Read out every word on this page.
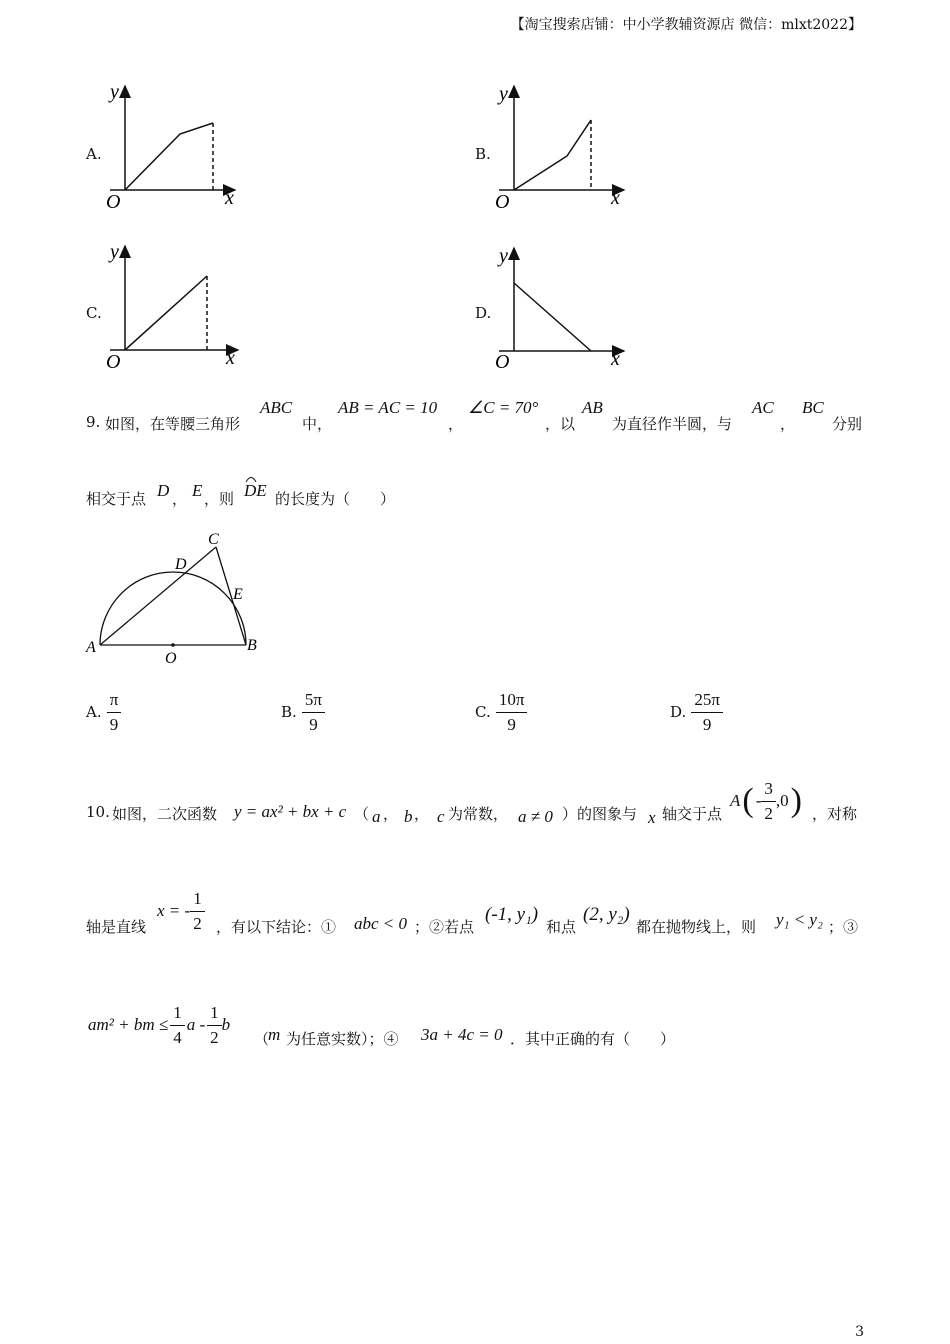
【淘宝搜索店铺：中小学教辅资源店 微信：mlxt2022】
A.
y
x
O
B.
y
x
O
C.
y
x
O
D.
y
x
O
9. 如图，在等腰三角形
ABC
中，
AB = AC = 10
，
∠C = 70°
，以
AB
为直径作半圆，与
AC
，
BC
分别
相交于点 D ， E ，则 DE 的长度为（　　）
C
D
E
A
O
B
A. $\frac{\pi}{9}$	B. $\frac{5\pi}{9}$	C. $\frac{10\pi}{9}$	D. $\frac{25\pi}{9}$
10. 如图，二次函数 y = ax² + bx + c （ a ， b ， c 为常数， a ≠ 0 ）的图象与 x 轴交于点
A ( - $\frac{3}{2} ,0$ ) ，对称
轴是直线
x = - $\frac{1}{2}$ ，有以下结论：① abc < 0 ；②若点
(-1, y₁)
和点
(2, y₂)
都在抛物线上，则 y₁ < y₂ ；③
am² + bm ≤ $\frac{1}{4}$ a - $\frac{1}{2}$ b
（
m 为任意实数）；④ 3a + 4c = 0 ．其中正确的有（　　）
3
